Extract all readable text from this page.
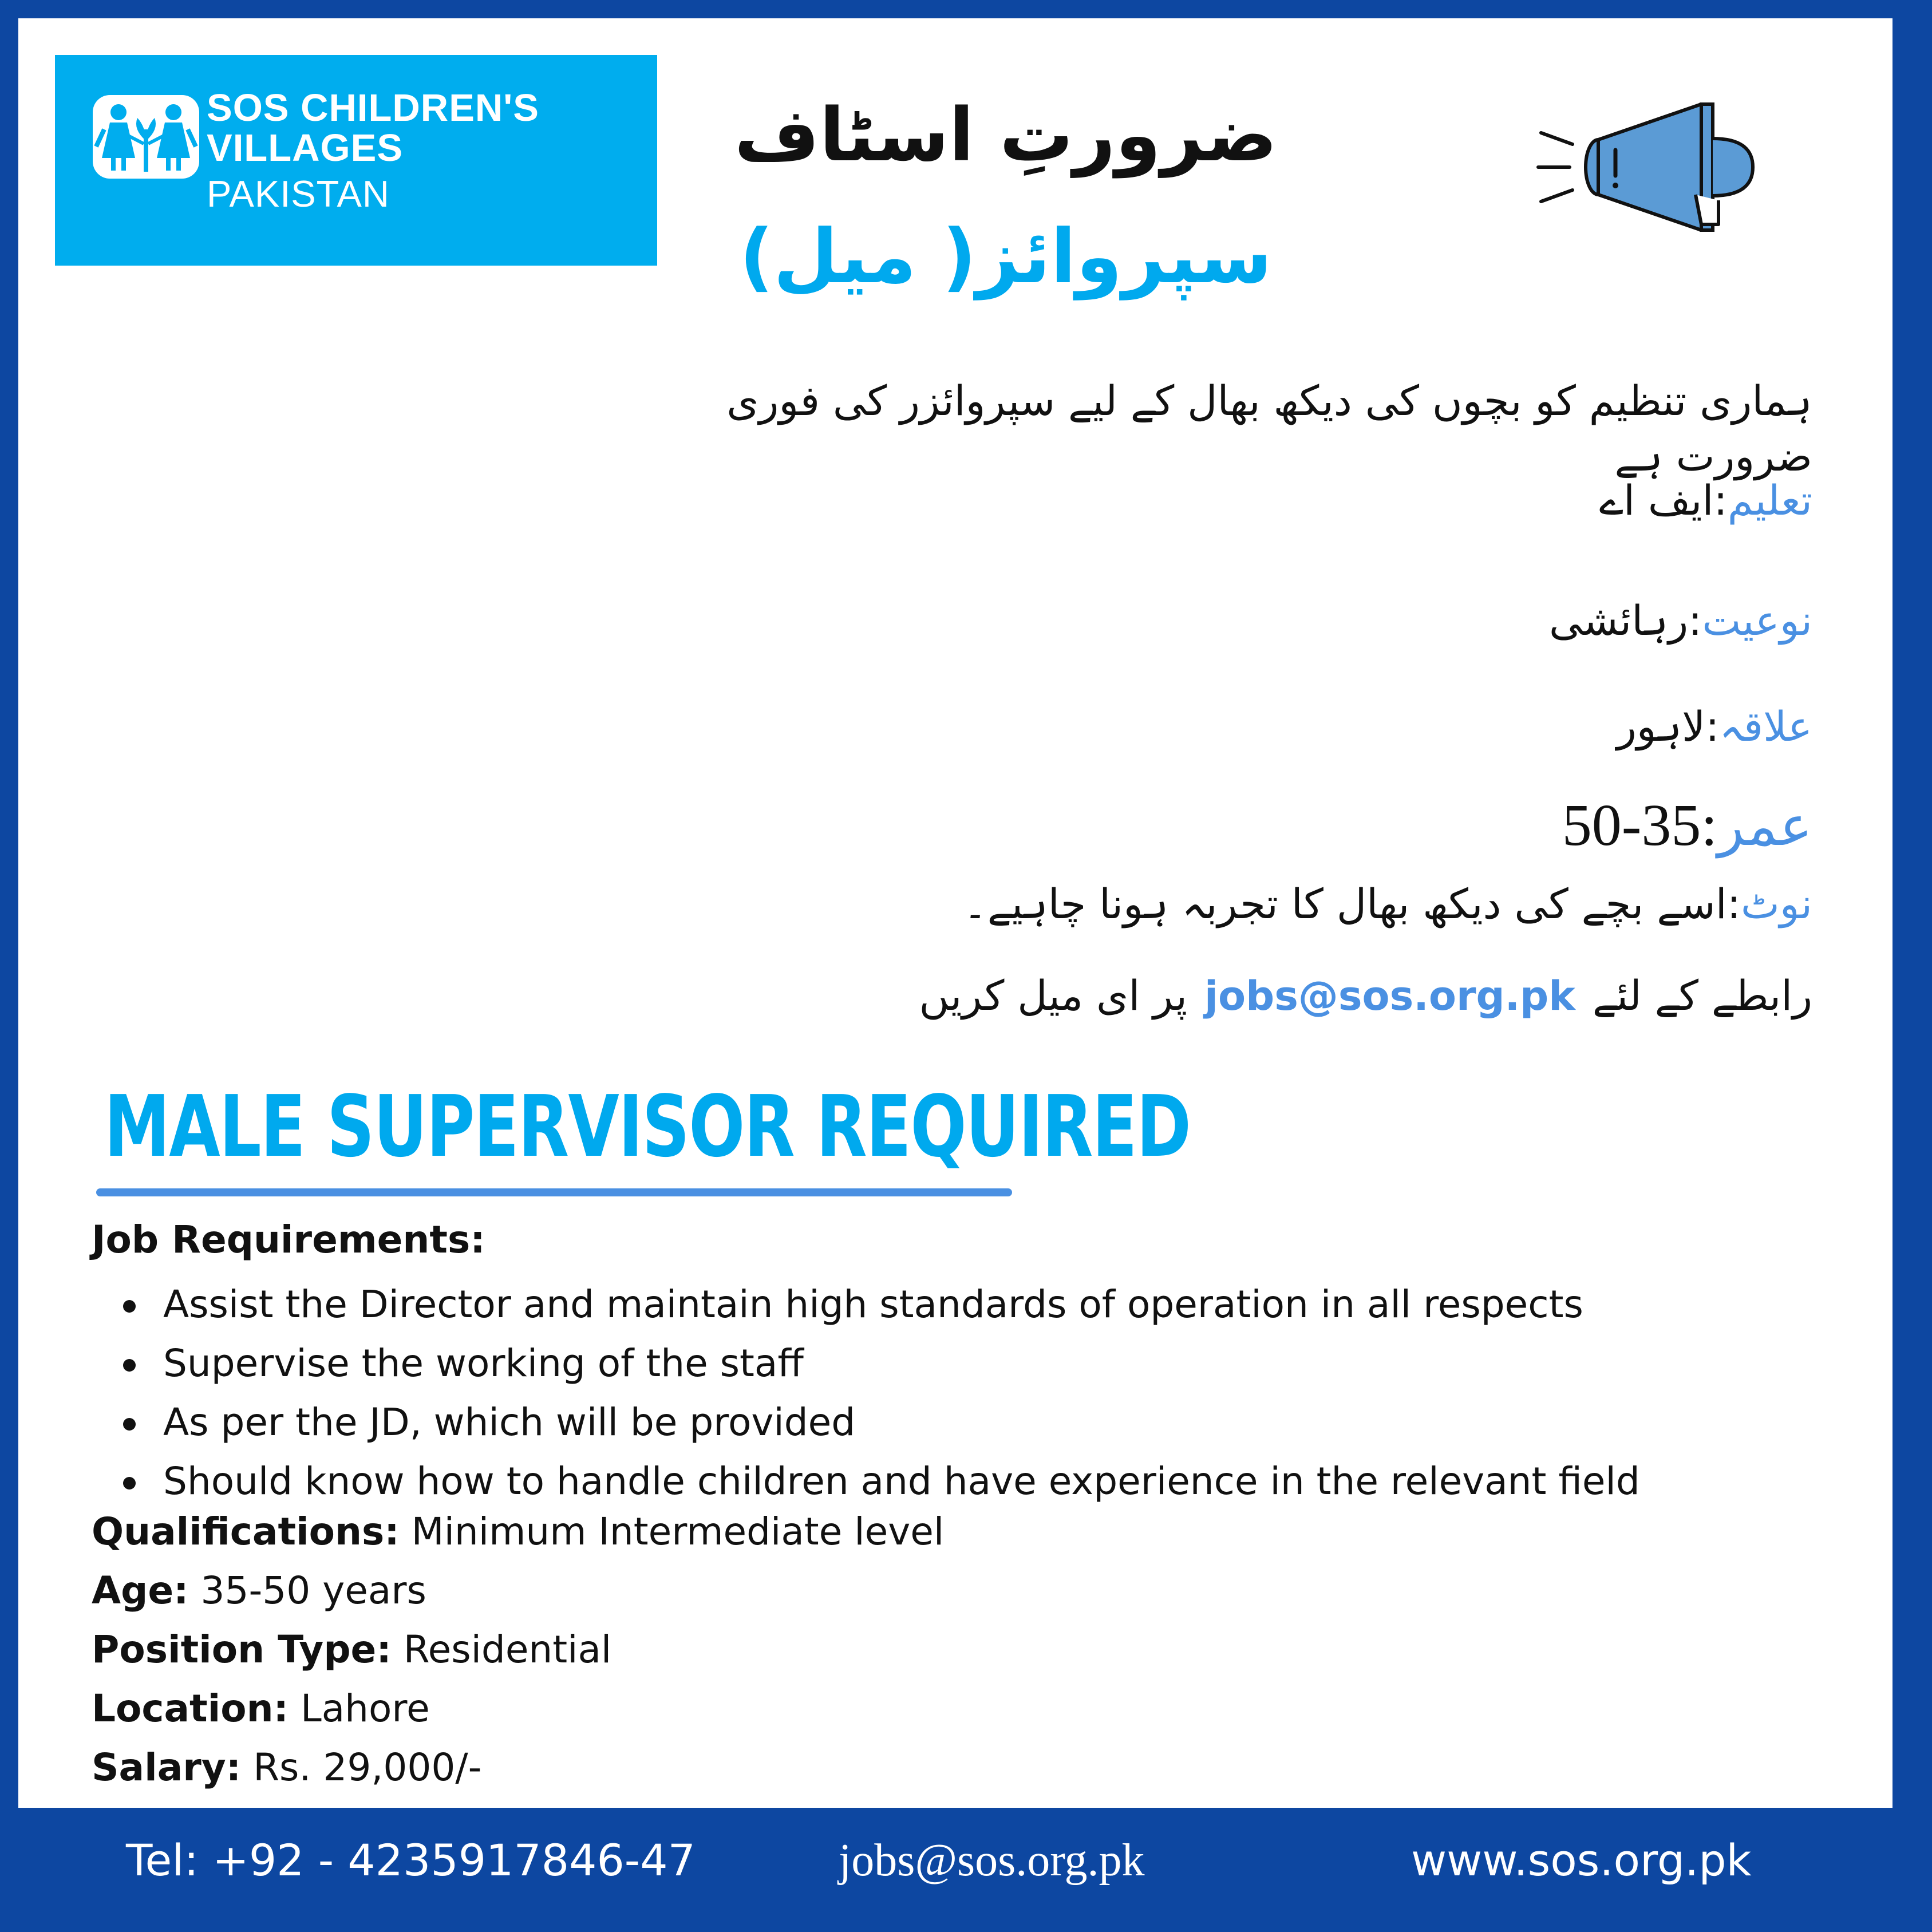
SOS CHILDREN'S
VILLAGES
PAKISTAN
ضرورتِ اسٹاف
سپروائز( میل)
ہماری تنظیم کو بچوں کی دیکھ بھال کے لیے سپروائزر کی فوری ضرورت ہے
تعلیم:ایف اے
نوعیت:رہائشی
علاقہ:لاہور
عمر:35-50
نوٹ:اسے بچے کی دیکھ بھال کا تجربہ ہونا چاہیے۔
رابطے کے لئےjobs@sos.org.pkپر ای میل کریں
MALE SUPERVISOR REQUIRED
Job Requirements:
Assist the Director and maintain high standards of operation in all respects
Supervise the working of the staff
As per the JD, which will be provided
Should know how to handle children and have experience in the relevant field
Qualifications: Minimum Intermediate level
Age: 35-50 years
Position Type: Residential
Location: Lahore
Salary: Rs. 29,000/-
Tel: +92 - 4235917846-47	jobs@sos.org.pk	www.sos.org.pk
